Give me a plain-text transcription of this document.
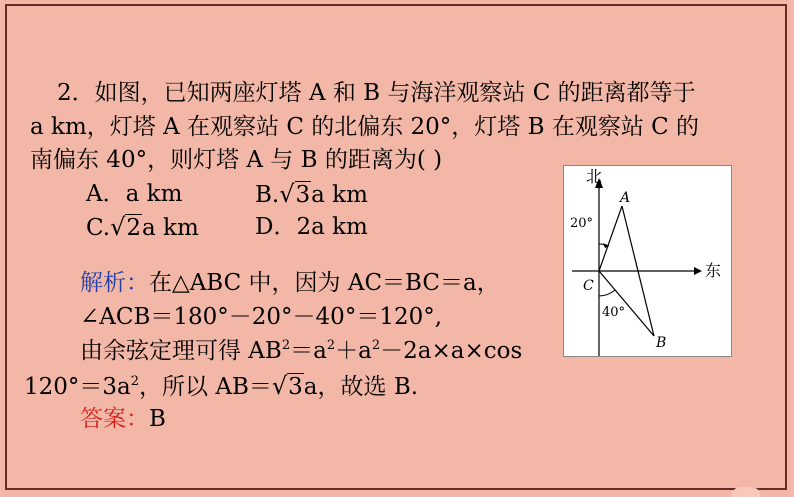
2．如图，已知两座灯塔 A 和 B 与海洋观察站 C 的距离都等于
a km，灯塔 A 在观察站 C 的北偏东 20°，灯塔 B 在观察站 C 的
南偏东 40°，则灯塔 A 与 B 的距离为( )
A．a km	B.√3a km
C.√2a km D．2a km
解析：在△ABC 中，因为 AC＝BC＝a，
∠ACB＝180°－20°－40°＝120°,
由余弦定理可得 $AB^2=a^2+a^2-2a\times a\times\cos$
$120^\circ=3a^2$，所以 AB＝√3a，故选 B.
答案：B
北
东
A
B
C
20°
40°
